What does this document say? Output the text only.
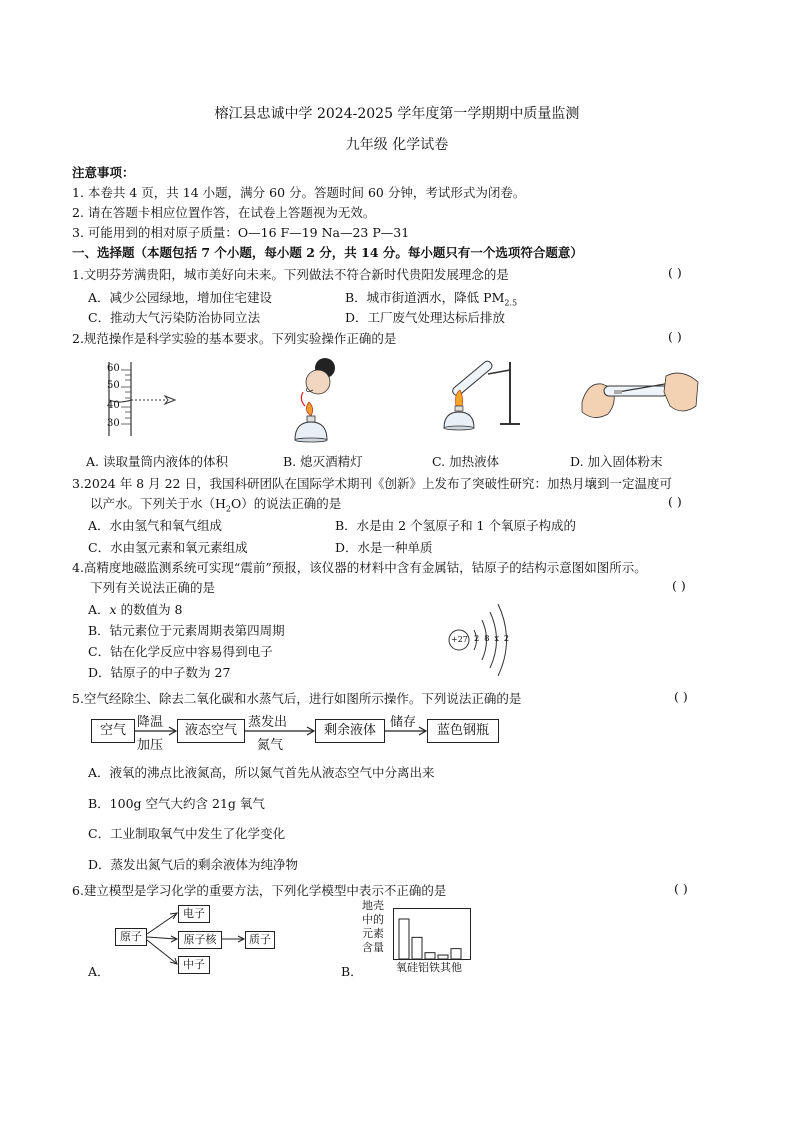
榕江县忠诚中学 2024-2025 学年度第一学期期中质量监测
九年级 化学试卷
注意事项：
1. 本卷共 4 页，共 14 小题，满分 60 分。答题时间 60 分钟，考试形式为闭卷。
2. 请在答题卡相应位置作答，在试卷上答题视为无效。
3. 可能用到的相对原子质量：O—16 F—19 Na—23 P—31
一、选择题（本题包括 7 个小题，每小题 2 分，共 14 分。每小题只有一个选项符合题意）
1.文明芬芳满贵阳，城市美好向未来。下列做法不符合新时代贵阳发展理念的是	( )
A．减少公园绿地，增加住宅建设	B．城市街道洒水，降低 $PM_{2.5}$
C．推动大气污染防治协同立法	D．工厂废气处理达标后排放
2.规范操作是科学实验的基本要求。下列实验操作正确的是	( )
60
50
40
30
A. 读取量筒内液体的体积	B. 熄灭酒精灯	C. 加热液体	D. 加入固体粉末
3.2024 年 8 月 22 日，我国科研团队在国际学术期刊《创新》上发布了突破性研究：加热月壤到一定温度可
以产水。下列关于水$(H_2O)$的说法正确的是	( )
A．水由氢气和氧气组成	B．水是由 2 个氢原子和 1 个氧原子构成的
C．水由氢元素和氧元素组成	D．水是一种单质
4.高精度地磁监测系统可实现“震前”预报，该仪器的材料中含有金属钴，钴原子的结构示意图如图所示。
下列有关说法正确的是	( )
A．x 的数值为 8
B．钴元素位于元素周期表第四周期
C．钴在化学反应中容易得到电子
D．钴原子的中子数为 27
+27 2 8 x 2
5.空气经除尘、除去二氧化碳和水蒸气后，进行如图所示操作。下列说法正确的是	( )
空气	液态空气	剩余液体	蓝色钢瓶
降温
加压
蒸发出
氮气
储存
A．液氧的沸点比液氮高，所以氮气首先从液态空气中分离出来
B．100g 空气大约含 21g 氧气
C．工业制取氧气中发生了化学变化
D．蒸发出氮气后的剩余液体为纯净物
6.建立模型是学习化学的重要方法，下列化学模型中表示不正确的是	( )
原子
电子
原子核
中子
质子
A．
地壳
中的
元素
含量
氧硅铝铁其他
B．
